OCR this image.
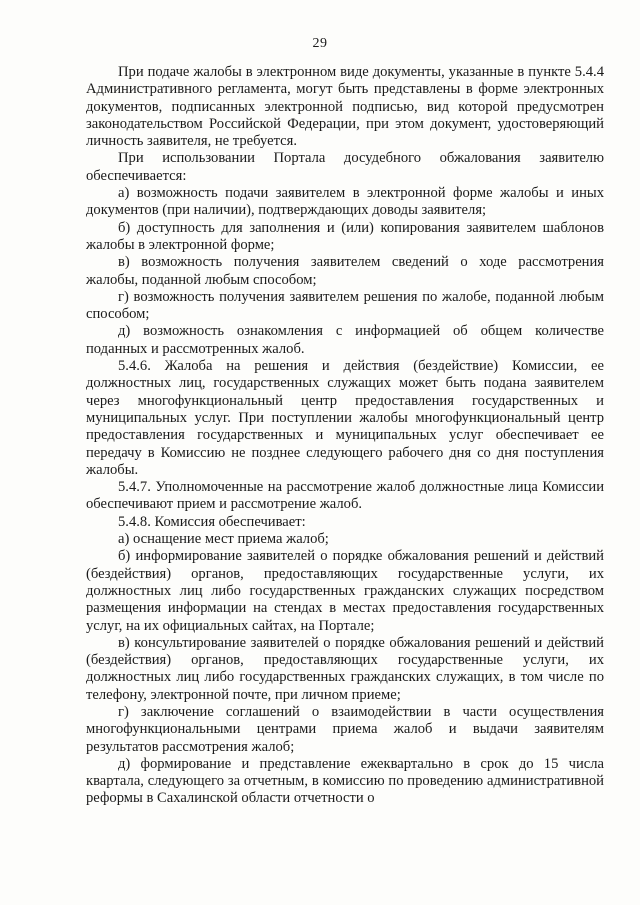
29

При подаче жалобы в электронном виде документы, указанные в пункте 5.4.4 Административного регламента, могут быть представлены в форме электронных документов, подписанных электронной подписью, вид которой предусмотрен законодательством Российской Федерации, при этом документ, удостоверяющий личность заявителя, не требуется.

При использовании Портала досудебного обжалования заявителю обеспечивается:

а) возможность подачи заявителем в электронной форме жалобы и иных документов (при наличии), подтверждающих доводы заявителя;

б) доступность для заполнения и (или) копирования заявителем шаблонов жалобы в электронной форме;

в) возможность получения заявителем сведений о ходе рассмотрения жалобы, поданной любым способом;

г) возможность получения заявителем решения по жалобе, поданной любым способом;

д) возможность ознакомления с информацией об общем количестве поданных и рассмотренных жалоб.

5.4.6. Жалоба на решения и действия (бездействие) Комиссии, ее должностных лиц, государственных служащих может быть подана заявителем через многофункциональный центр предоставления государственных и муниципальных услуг. При поступлении жалобы многофункциональный центр предоставления государственных и муниципальных услуг обеспечивает ее передачу в Комиссию не позднее следующего рабочего дня со дня поступления жалобы.

5.4.7. Уполномоченные на рассмотрение жалоб должностные лица Комиссии обеспечивают прием и рассмотрение жалоб.

5.4.8. Комиссия обеспечивает:

а) оснащение мест приема жалоб;

б) информирование заявителей о порядке обжалования решений и действий (бездействия) органов, предоставляющих государственные услуги, их должностных лиц либо государственных гражданских служащих посредством размещения информации на стендах в местах предоставления государственных услуг, на их официальных сайтах, на Портале;

в) консультирование заявителей о порядке обжалования решений и действий (бездействия) органов, предоставляющих государственные услуги, их должностных лиц либо государственных гражданских служащих, в том числе по телефону, электронной почте, при личном приеме;

г) заключение соглашений о взаимодействии в части осуществления многофункциональными центрами приема жалоб и выдачи заявителям результатов рассмотрения жалоб;

д) формирование и представление ежеквартально в срок до 15 числа квартала, следующего за отчетным, в комиссию по проведению административной реформы в Сахалинской области отчетности о
